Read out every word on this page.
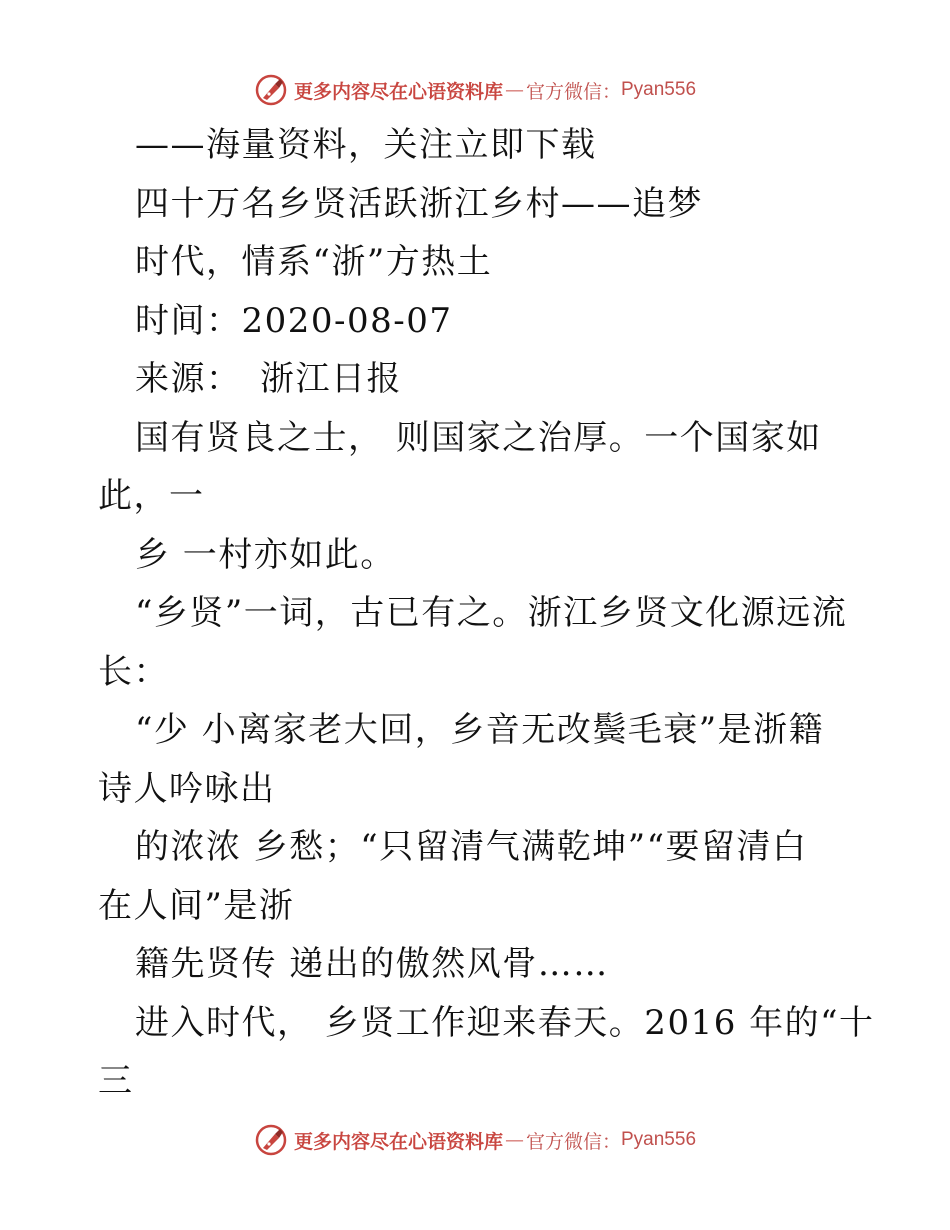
更多内容尽在心语资料库 — 官方微信： Pyan556
——海量资料，关注立即下载
四十万名乡贤活跃浙江乡村——追梦
时代，情系“浙”方热土
时间：2020-08-07
来源：　浙江日报
国有贤良之士， 则国家之治厚。一个国家如
此，一
乡 一村亦如此。
“乡贤”一词，古已有之。浙江乡贤文化源远流
长：
“少 小离家老大回，乡音无改鬓毛衰”是浙籍
诗人吟咏出
的浓浓 乡愁；“只留清气满乾坤”“要留清白
在人间”是浙
籍先贤传 递出的傲然风骨……
进入时代， 乡贤工作迎来春天。2016 年的“十
三
更多内容尽在心语资料库 — 官方微信： Pyan556
